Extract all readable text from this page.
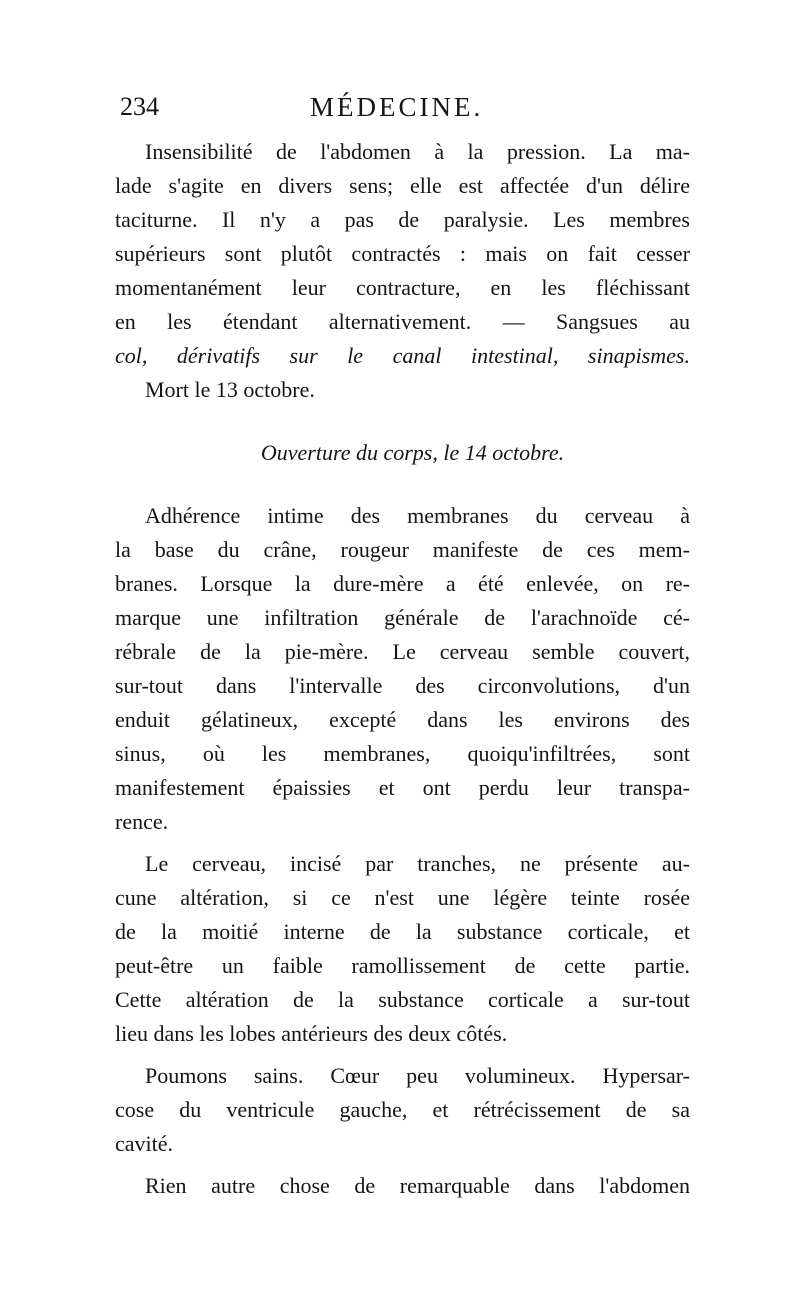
234	MÉDECINE.
Insensibilité de l'abdomen à la pression. La ma-
lade s'agite en divers sens; elle est affectée d'un délire
taciturne. Il n'y a pas de paralysie. Les membres
supérieurs sont plutôt contractés : mais on fait cesser
momentanément leur contracture, en les fléchissant
en les étendant alternativement. — Sangsues au
col, dérivatifs sur le canal intestinal, sinapismes.
Mort le 13 octobre.
Ouverture du corps, le 14 octobre.
Adhérence intime des membranes du cerveau à
la base du crâne, rougeur manifeste de ces mem-
branes. Lorsque la dure-mère a été enlevée, on re-
marque une infiltration générale de l'arachnoïde cé-
rébrale de la pie-mère. Le cerveau semble couvert,
sur-tout dans l'intervalle des circonvolutions, d'un
enduit gélatineux, excepté dans les environs des
sinus, où les membranes, quoiqu'infiltrées, sont
manifestement épaissies et ont perdu leur transpa-
rence.
Le cerveau, incisé par tranches, ne présente au-
cune altération, si ce n'est une légère teinte rosée
de la moitié interne de la substance corticale, et
peut-être un faible ramollissement de cette partie.
Cette altération de la substance corticale a sur-tout
lieu dans les lobes antérieurs des deux côtés.
Poumons sains. Cœur peu volumineux. Hypersar-
cose du ventricule gauche, et rétrécissement de sa
cavité.
Rien autre chose de remarquable dans l'abdomen
